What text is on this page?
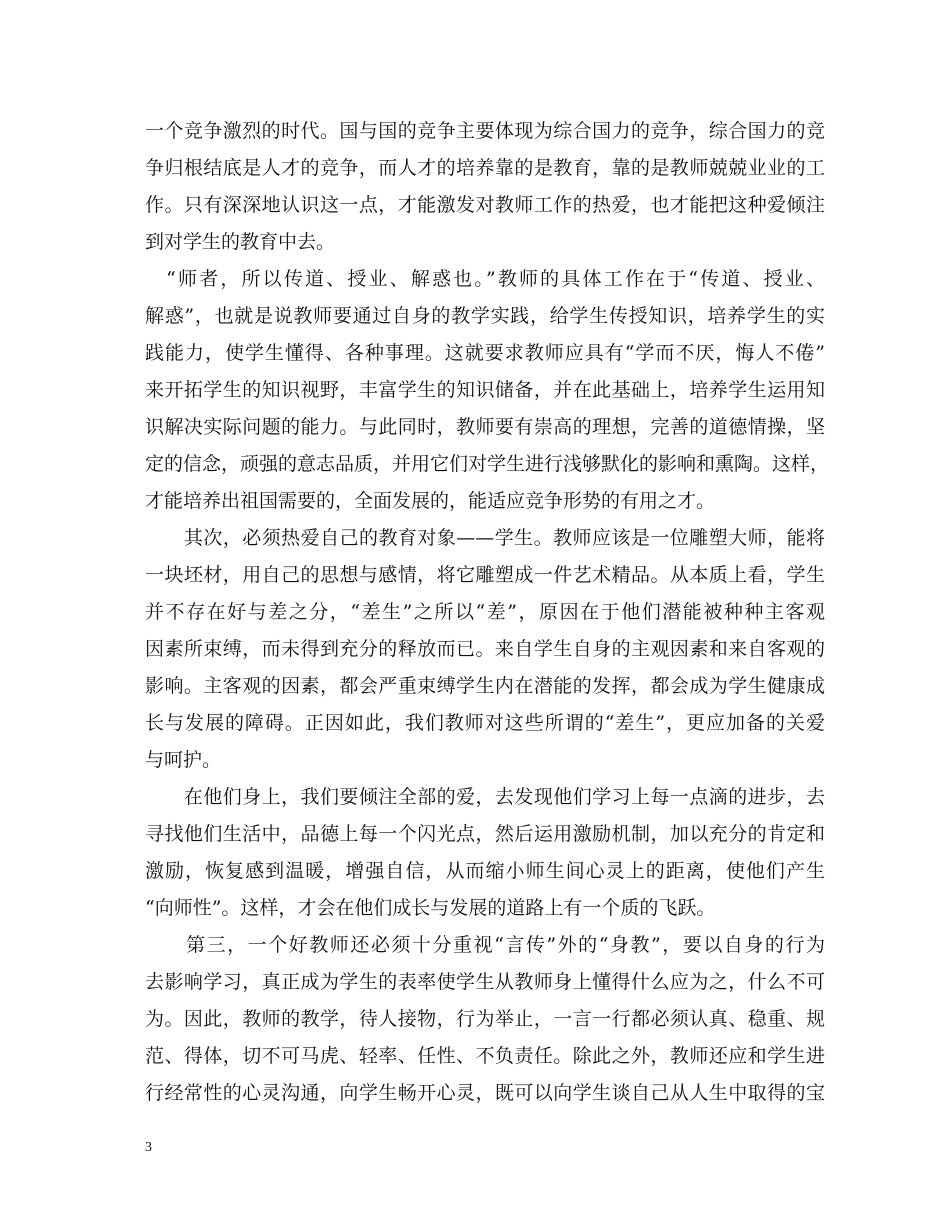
一个竞争激烈的时代。国与国的竞争主要体现为综合国力的竞争，综合国力的竞
争归根结底是人才的竞争，而人才的培养靠的是教育，靠的是教师兢兢业业的工
作。只有深深地认识这一点，才能激发对教师工作的热爱，也才能把这种爱倾注
到对学生的教育中去。
　“师者，所以传道、授业、解惑也。”教师的具体工作在于“传道、授业、
解惑”，也就是说教师要通过自身的教学实践，给学生传授知识，培养学生的实
践能力，使学生懂得、各种事理。这就要求教师应具有“学而不厌，悔人不倦”
来开拓学生的知识视野，丰富学生的知识储备，并在此基础上，培养学生运用知
识解决实际问题的能力。与此同时，教师要有崇高的理想，完善的道德情操，坚
定的信念，顽强的意志品质，并用它们对学生进行浅够默化的影响和熏陶。这样，
才能培养出祖国需要的，全面发展的，能适应竞争形势的有用之才。
　　其次，必须热爱自己的教育对象——学生。教师应该是一位雕塑大师，能将
一块坯材，用自己的思想与感情，将它雕塑成一件艺术精品。从本质上看，学生
并不存在好与差之分，“差生”之所以“差”，原因在于他们潜能被种种主客观
因素所束缚，而未得到充分的释放而已。来自学生自身的主观因素和来自客观的
影响。主客观的因素，都会严重束缚学生内在潜能的发挥，都会成为学生健康成
长与发展的障碍。正因如此，我们教师对这些所谓的“差生”，更应加备的关爱
与呵护。
　　在他们身上，我们要倾注全部的爱，去发现他们学习上每一点滴的进步，去
寻找他们生活中，品德上每一个闪光点，然后运用激励机制，加以充分的肯定和
激励，恢复感到温暖，增强自信，从而缩小师生间心灵上的距离，使他们产生
“向师性”。这样，才会在他们成长与发展的道路上有一个质的飞跃。
　　第三，一个好教师还必须十分重视“言传”外的“身教”，要以自身的行为
去影响学习，真正成为学生的表率使学生从教师身上懂得什么应为之，什么不可
为。因此，教师的教学，待人接物，行为举止，一言一行都必须认真、稳重、规
范、得体，切不可马虎、轻率、任性、不负责任。除此之外，教师还应和学生进
行经常性的心灵沟通，向学生畅开心灵，既可以向学生谈自己从人生中取得的宝
3
